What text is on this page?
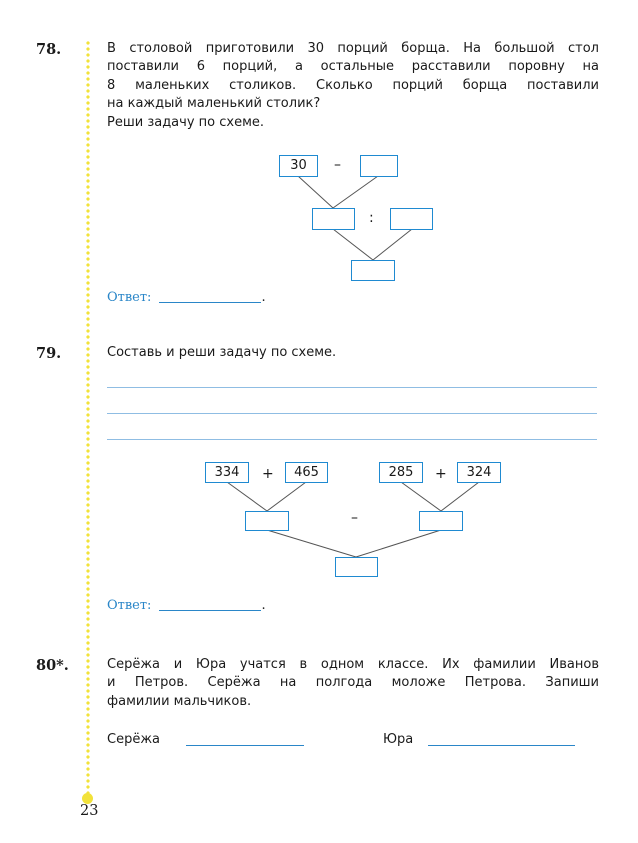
78.	В столовой приготовили 30 порций борща. На большой стол

поставили 6 порций, а остальные расставили поровну на

8 маленьких столиков. Сколько порций борща поставили

на каждый маленький столик?

Реши задачу по схеме.

30	–
:
Ответ:	.
79.	Составь и реши задачу по схеме.
334	+	465	285	+	324
–
Ответ:	.
80*.	Серёжа и Юра учатся в одном классе. Их фамилии Иванов

и Петров. Серёжа на полгода моложе Петрова. Запиши

фамилии мальчиков.

Серёжа	Юра
23
